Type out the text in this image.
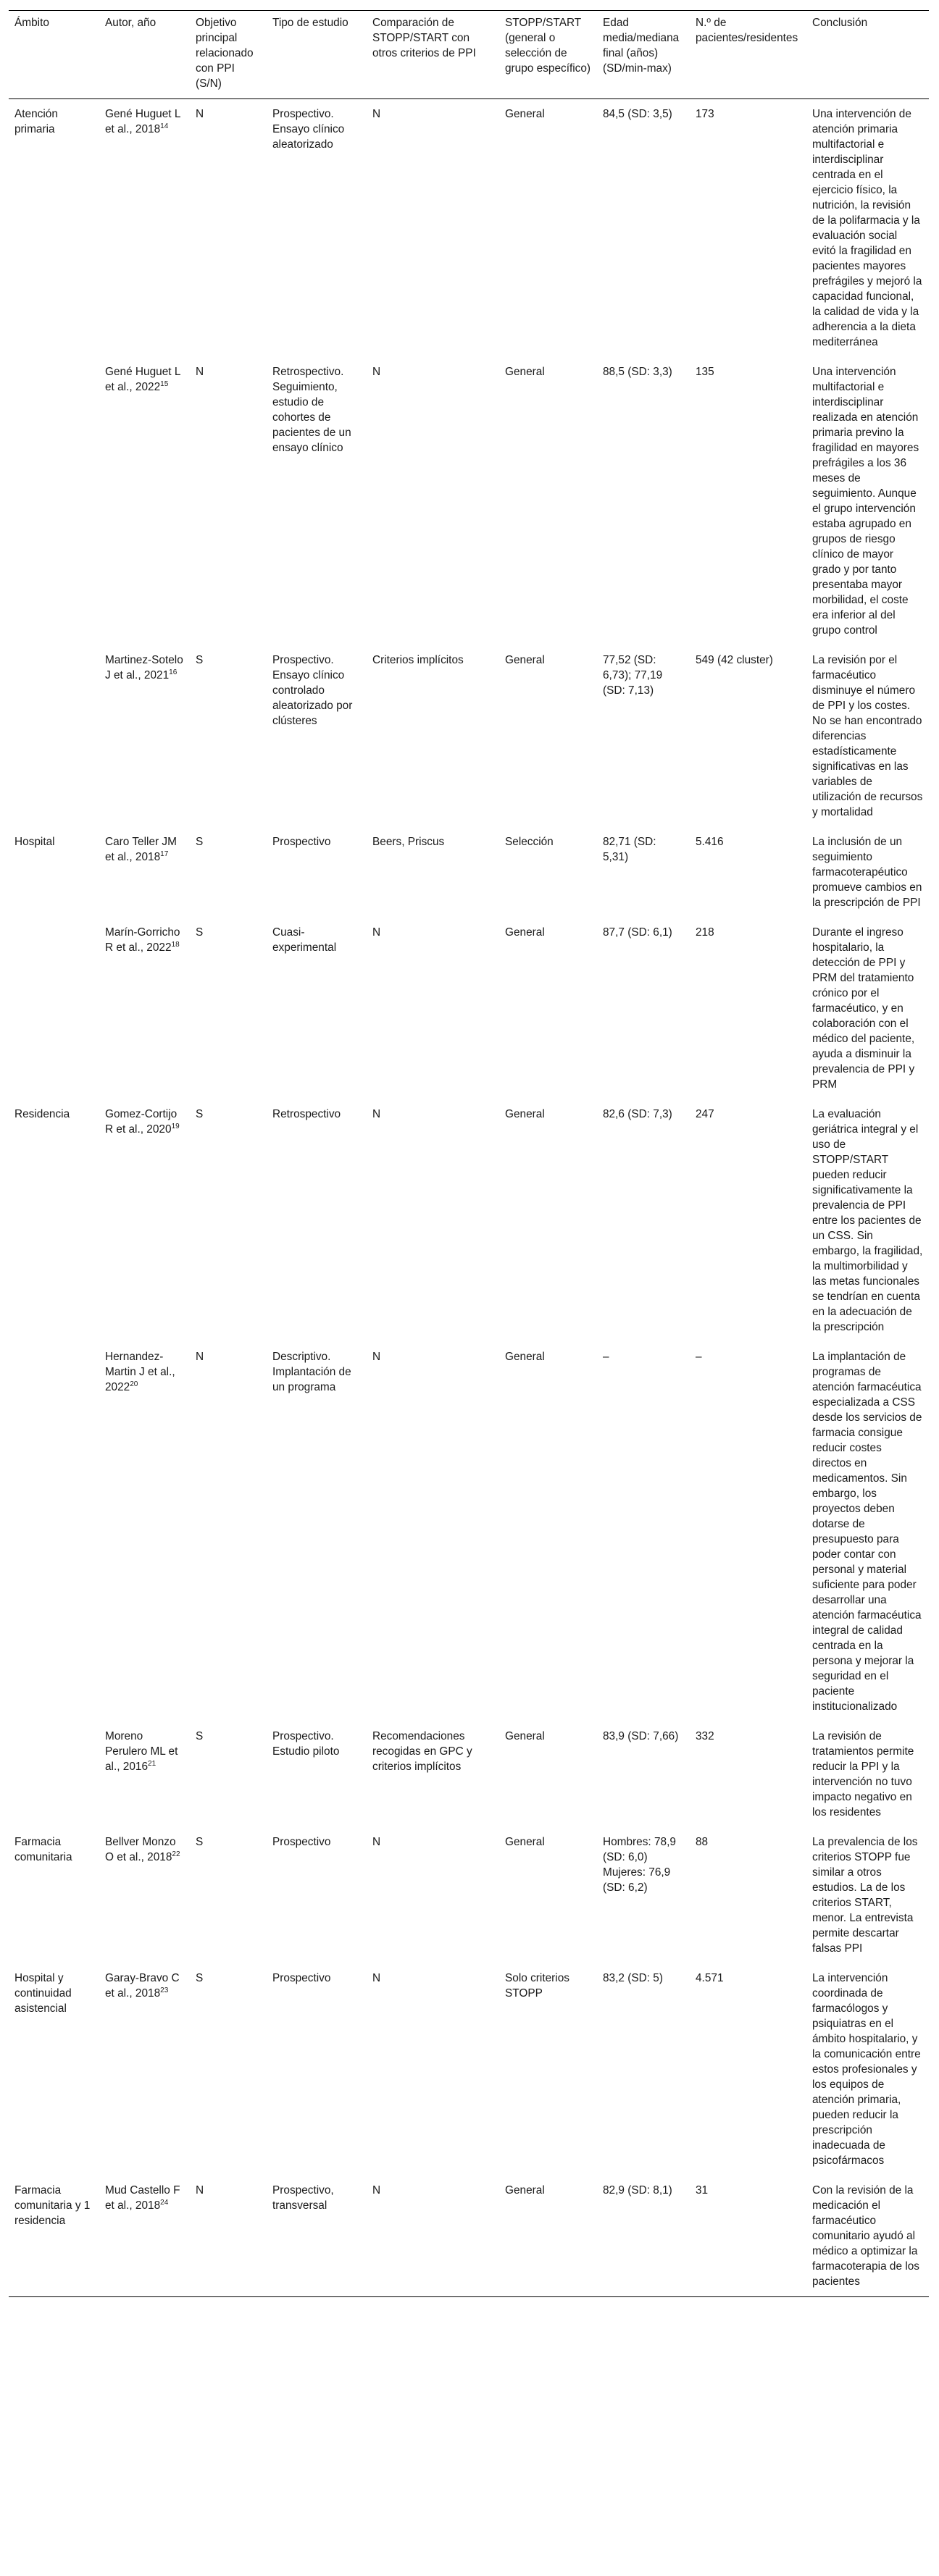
Ámbito	Autor, año	Objetivo principal relacionado con PPI (S/N)	Tipo de estudio	Comparación de STOPP/START con otros criterios de PPI	STOPP/START (general o selección de grupo específico)	Edad media/mediana final (años) (SD/min-max)	N.º de pacientes/residentes	Conclusión
Atención primaria	Gené Huguet L et al., 2018$^{14}$	N	Prospectivo. Ensayo clínico aleatorizado	N	General	84,5 (SD: 3,5)	173	Una intervención de atención primaria multifactorial e interdisciplinar centrada en el ejercicio físico, la nutrición, la revisión de la polifarmacia y la evaluación social evitó la fragilidad en pacientes mayores prefrágiles y mejoró la capacidad funcional, la calidad de vida y la adherencia a la dieta mediterránea
	Gené Huguet L et al., 2022$^{15}$	N	Retrospectivo. Seguimiento, estudio de cohortes de pacientes de un ensayo clínico	N	General	88,5 (SD: 3,3)	135	Una intervención multifactorial e interdisciplinar realizada en atención primaria previno la fragilidad en mayores prefrágiles a los 36 meses de seguimiento. Aunque el grupo intervención estaba agrupado en grupos de riesgo clínico de mayor grado y por tanto presentaba mayor morbilidad, el coste era inferior al del grupo control
	Martinez-Sotelo J et al., 2021$^{16}$	S	Prospectivo. Ensayo clínico controlado aleatorizado por clústeres	Criterios implícitos	General	77,52 (SD: 6,73); 77,19 (SD: 7,13)	549 (42 cluster)	La revisión por el farmacéutico disminuye el número de PPI y los costes. No se han encontrado diferencias estadísticamente significativas en las variables de utilización de recursos y mortalidad
Hospital	Caro Teller JM et al., 2018$^{17}$	S	Prospectivo	Beers, Priscus	Selección	82,71 (SD: 5,31)	5.416	La inclusión de un seguimiento farmacoterapéutico promueve cambios en la prescripción de PPI
	Marín-Gorricho R et al., 2022$^{18}$	S	Cuasi-experimental	N	General	87,7 (SD: 6,1)	218	Durante el ingreso hospitalario, la detección de PPI y PRM del tratamiento crónico por el farmacéutico, y en colaboración con el médico del paciente, ayuda a disminuir la prevalencia de PPI y PRM
Residencia	Gomez-Cortijo R et al., 2020$^{19}$	S	Retrospectivo	N	General	82,6 (SD: 7,3)	247	La evaluación geriátrica integral y el uso de STOPP/START pueden reducir significativamente la prevalencia de PPI entre los pacientes de un CSS. Sin embargo, la fragilidad, la multimorbilidad y las metas funcionales se tendrían en cuenta en la adecuación de la prescripción
	Hernandez-Martin J et al., 2022$^{20}$	N	Descriptivo. Implantación de un programa	N	General	–	–	La implantación de programas de atención farmacéutica especializada a CSS desde los servicios de farmacia consigue reducir costes directos en medicamentos. Sin embargo, los proyectos deben dotarse de presupuesto para poder contar con personal y material suficiente para poder desarrollar una atención farmacéutica integral de calidad centrada en la persona y mejorar la seguridad en el paciente institucionalizado
	Moreno Perulero ML et al., 2016$^{21}$	S	Prospectivo. Estudio piloto	Recomendaciones recogidas en GPC y criterios implícitos	General	83,9 (SD: 7,66)	332	La revisión de tratamientos permite reducir la PPI y la intervención no tuvo impacto negativo en los residentes
Farmacia comunitaria	Bellver Monzo O et al., 2018$^{22}$	S	Prospectivo	N	General	Hombres: 78,9 (SD: 6,0) Mujeres: 76,9 (SD: 6,2)	88	La prevalencia de los criterios STOPP fue similar a otros estudios. La de los criterios START, menor. La entrevista permite descartar falsas PPI
Hospital y continuidad asistencial	Garay-Bravo C et al., 2018$^{23}$	S	Prospectivo	N	Solo criterios STOPP	83,2 (SD: 5)	4.571	La intervención coordinada de farmacólogos y psiquiatras en el ámbito hospitalario, y la comunicación entre estos profesionales y los equipos de atención primaria, pueden reducir la prescripción inadecuada de psicofármacos
Farmacia comunitaria y 1 residencia	Mud Castello F et al., 2018$^{24}$	N	Prospectivo, transversal	N	General	82,9 (SD: 8,1)	31	Con la revisión de la medicación el farmacéutico comunitario ayudó al médico a optimizar la farmacoterapia de los pacientes
